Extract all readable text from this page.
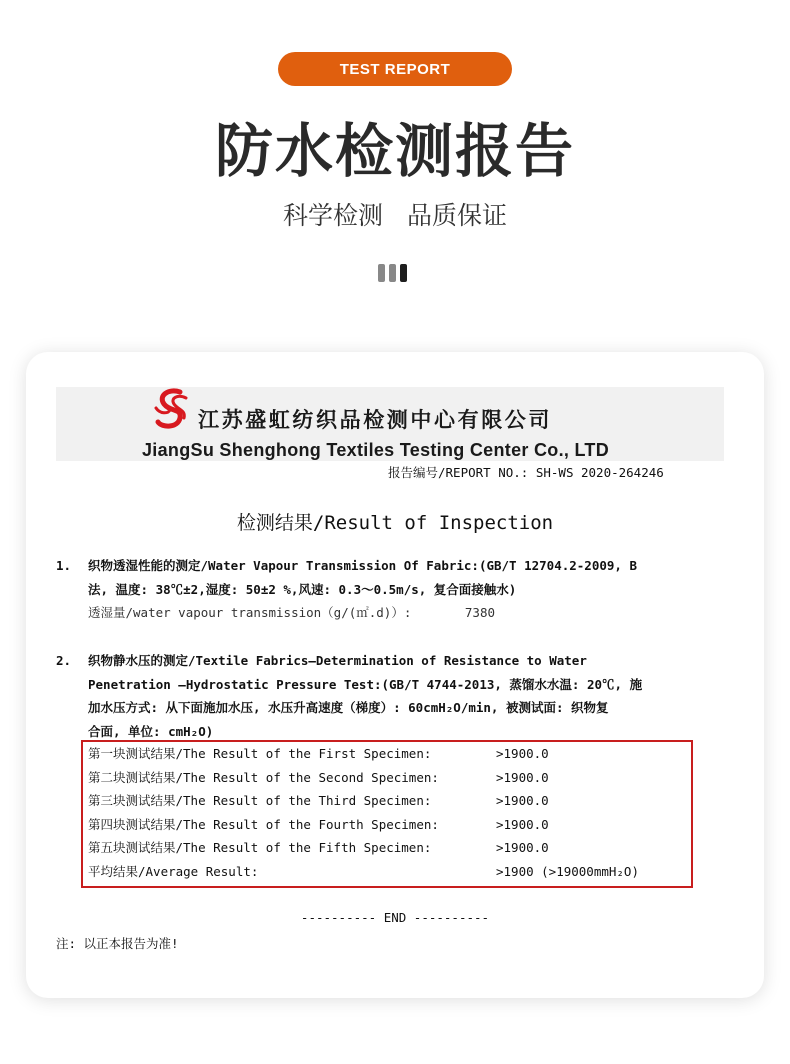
TEST REPORT
防水检测报告
科学检测 品质保证
江苏盛虹纺织品检测中心有限公司
JiangSu Shenghong Textiles Testing Center Co., LTD
报告编号/REPORT NO.: SH-WS 2020-264246
检测结果/Result of Inspection
1. 织物透湿性能的测定/Water Vapour Transmission Of Fabric:(GB/T 12704.2-2009, B
法, 温度: 38℃±2,湿度: 50±2 %,风速: 0.3～0.5m/s, 复合面接触水)
透湿量/water vapour transmission（g/(㎡.d)）:	7380
2. 织物静水压的测定/Textile Fabrics—Determination of Resistance to Water
Penetration —Hydrostatic Pressure Test:(GB/T 4744-2013, 蒸馏水水温: 20℃, 施
加水压方式: 从下面施加水压, 水压升高速度（梯度）: 60cmH₂O/min, 被测试面: 织物复
合面, 单位: cmH₂O)
第一块测试结果/The Result of the First Specimen:	>1900.0
第二块测试结果/The Result of the Second Specimen:	>1900.0
第三块测试结果/The Result of the Third Specimen:	>1900.0
第四块测试结果/The Result of the Fourth Specimen:	>1900.0
第五块测试结果/The Result of the Fifth Specimen:	>1900.0
平均结果/Average Result:	>1900 (>19000mmH₂O)
---------- END ----------
注: 以正本报告为准!
